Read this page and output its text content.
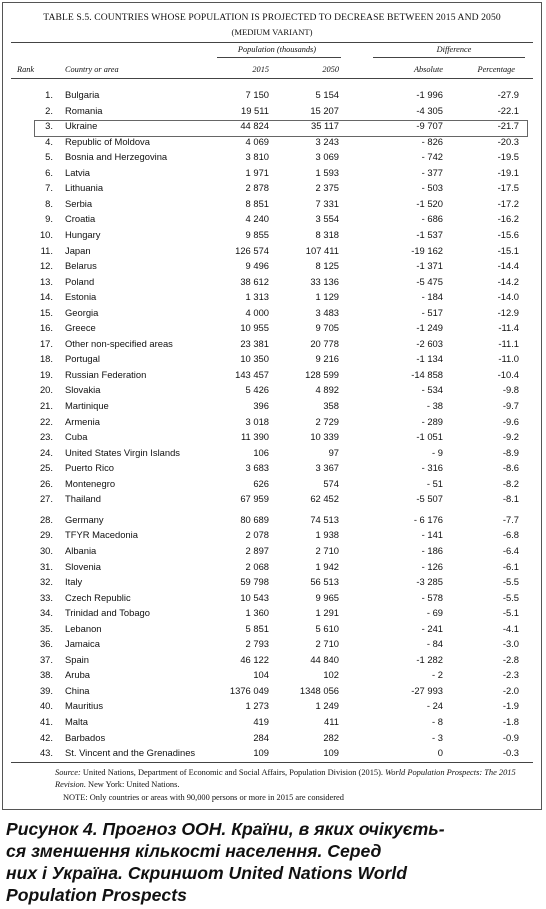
TABLE S.5. COUNTRIES WHOSE POPULATION IS PROJECTED TO DECREASE BETWEEN 2015 AND 2050
(MEDIUM VARIANT)
Population (thousands)	Difference
Rank	Country or area	2015	2050	Absolute	Percentage
1. Bulgaria	7 150	5 154	-1 996	-27.9
2. Romania	19 511	15 207	-4 305	-22.1
3. Ukraine	44 824	35 117	-9 707	-21.7
4. Republic of Moldova	4 069	3 243	- 826	-20.3
5. Bosnia and Herzegovina	3 810	3 069	- 742	-19.5
6. Latvia	1 971	1 593	- 377	-19.1
7. Lithuania	2 878	2 375	- 503	-17.5
8. Serbia	8 851	7 331	-1 520	-17.2
9. Croatia	4 240	3 554	- 686	-16.2
10. Hungary	9 855	8 318	-1 537	-15.6
11. Japan	126 574	107 411	-19 162	-15.1
12. Belarus	9 496	8 125	-1 371	-14.4
13. Poland	38 612	33 136	-5 475	-14.2
14. Estonia	1 313	1 129	- 184	-14.0
15. Georgia	4 000	3 483	- 517	-12.9
16. Greece	10 955	9 705	-1 249	-11.4
17. Other non-specified areas	23 381	20 778	-2 603	-11.1
18. Portugal	10 350	9 216	-1 134	-11.0
19. Russian Federation	143 457	128 599	-14 858	-10.4
20. Slovakia	5 426	4 892	- 534	-9.8
21. Martinique	396	358	- 38	-9.7
22. Armenia	3 018	2 729	- 289	-9.6
23. Cuba	11 390	10 339	-1 051	-9.2
24. United States Virgin Islands	106	97	- 9	-8.9
25. Puerto Rico	3 683	3 367	- 316	-8.6
26. Montenegro	626	574	- 51	-8.2
27. Thailand	67 959	62 452	-5 507	-8.1
28. Germany	80 689	74 513	- 6 176	-7.7
29. TFYR Macedonia	2 078	1 938	- 141	-6.8
30. Albania	2 897	2 710	- 186	-6.4
31. Slovenia	2 068	1 942	- 126	-6.1
32. Italy	59 798	56 513	-3 285	-5.5
33. Czech Republic	10 543	9 965	- 578	-5.5
34. Trinidad and Tobago	1 360	1 291	- 69	-5.1
35. Lebanon	5 851	5 610	- 241	-4.1
36. Jamaica	2 793	2 710	- 84	-3.0
37. Spain	46 122	44 840	-1 282	-2.8
38. Aruba	104	102	- 2	-2.3
39. China	1376 049	1348 056	-27 993	-2.0
40. Mauritius	1 273	1 249	- 24	-1.9
41. Malta	419	411	- 8	-1.8
42. Barbados	284	282	- 3	-0.9
43. St. Vincent and the Grenadines	109	109	0	-0.3
Source: United Nations, Department of Economic and Social Affairs, Population Division (2015). World Population Prospects: The 2015 Revision. New York: United Nations.
NOTE: Only countries or areas with 90,000 persons or more in 2015 are considered
Рисунок 4. Прогноз ООН. Країни, в яких очікуєть-
ся зменшення кількості населення. Серед
них і Україна. Скриншот United Nations World
Population Prospects
